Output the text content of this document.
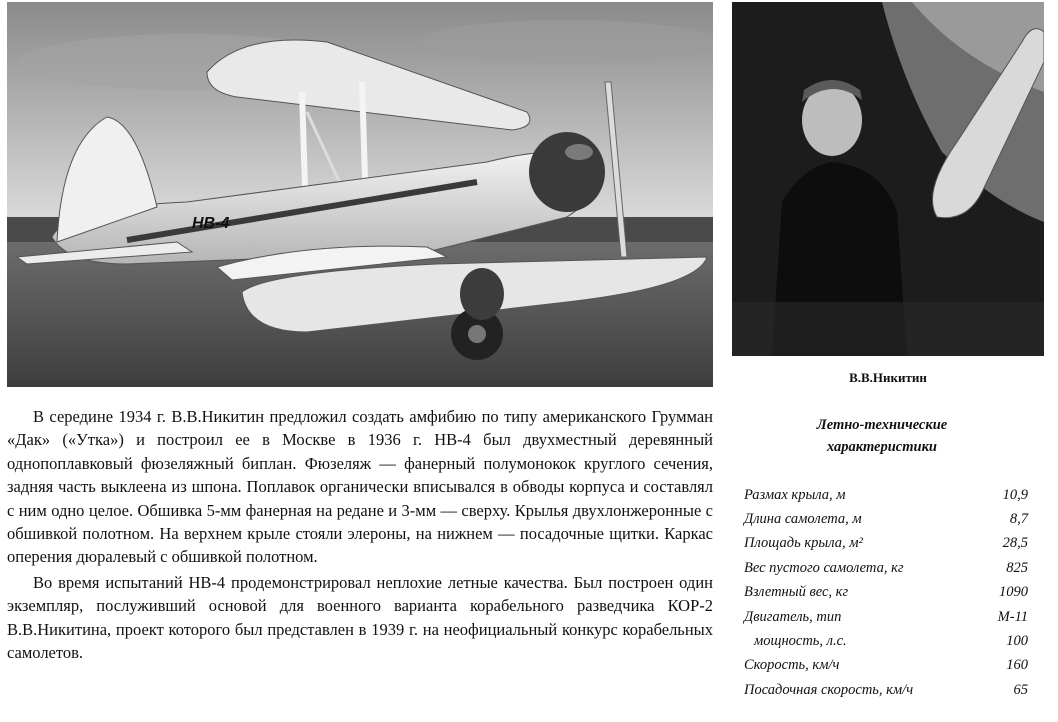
НВ-4
В.В.Никитин

В середине 1934 г. В.В.Никитин предложил создать амфибию по типу американского Грумман «Дак» («Утка») и построил ее в Москве в 1936 г. НВ-4 был двухместный деревянный однопоплавковый фюзеляжный биплан. Фюзеляж — фанерный полумонокок круглого сечения, задняя часть выклеена из шпона. Поплавок органически вписывался в обводы корпуса и составлял с ним одно целое. Обшивка 5-мм фанерная на редане и 3-мм — сверху. Крылья двухлонжеронные с обшивкой полотном. На верхнем крыле стояли элероны, на нижнем — посадочные щитки. Каркас оперения дюралевый с обшивкой полотном.

Во время испытаний НВ-4 продемонстрировал неплохие летные качества. Был построен один экземпляр, послуживший основой для военного варианта корабельного разведчика КОР-2 В.В.Никитина, проект которого был представлен в 1939 г. на неофициальный конкурс корабельных самолетов.

Летно-технические
характеристики
Размах крыла, м	10,9
Длина самолета, м	8,7
Площадь крыла, м²	28,5
Вес пустого самолета, кг	825
Взлетный вес, кг	1090
Двигатель, тип	М-11
мощность, л.с.	100
Скорость, км/ч	160
Посадочная скорость, км/ч	65
